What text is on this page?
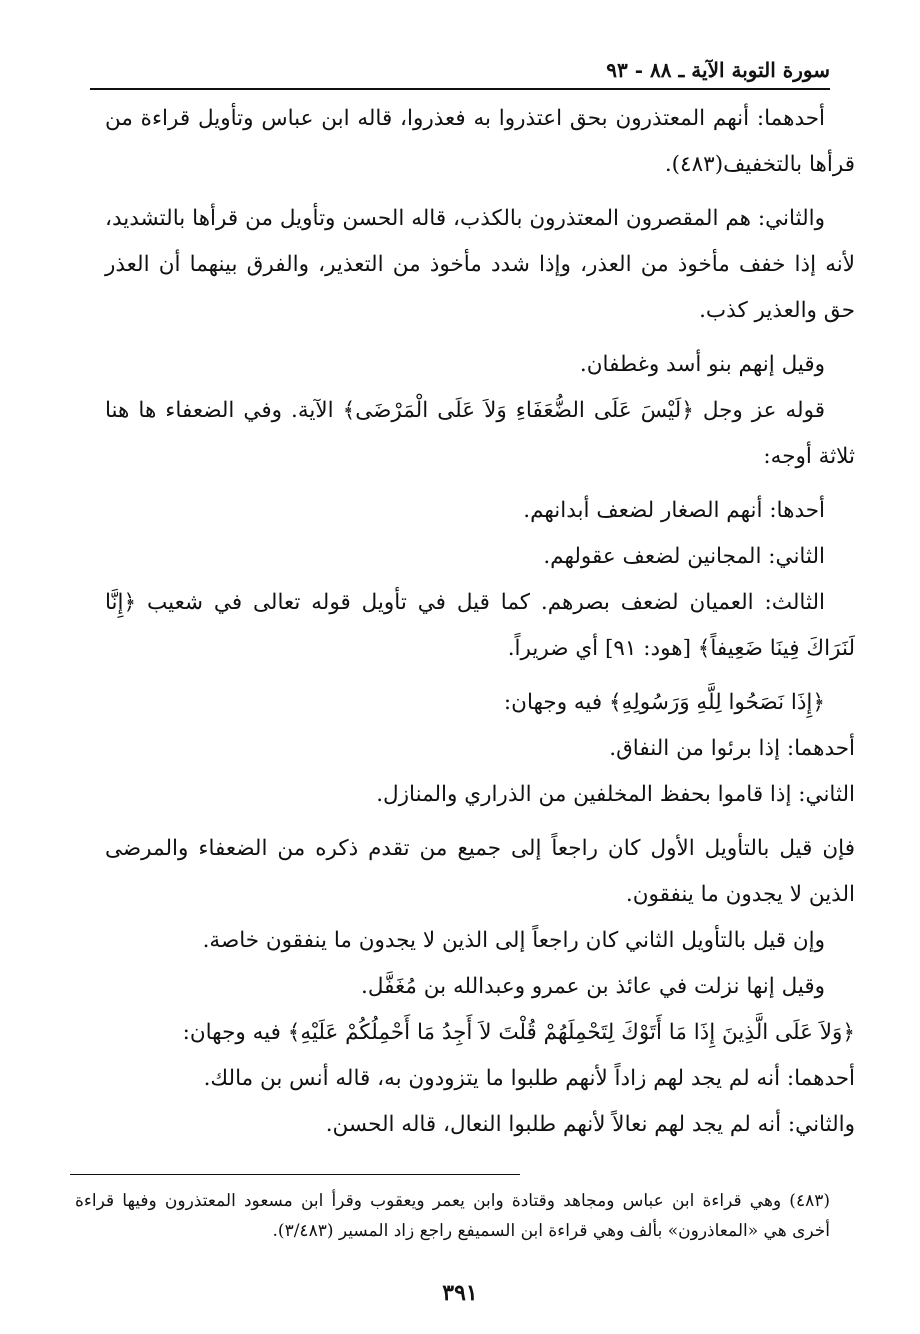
سورة التوبة الآية ـ ٨٨ - ٩٣

أحدهما: أنهم المعتذرون بحق اعتذروا به فعذروا، قاله ابن عباس وتأويل قراءة من قرأها بالتخفيف(٤٨٣).

والثاني: هم المقصرون المعتذرون بالكذب، قاله الحسن وتأويل من قرأها بالتشديد، لأنه إذا خفف مأخوذ من العذر، وإذا شدد مأخوذ من التعذير، والفرق بينهما أن العذر حق والعذير كذب.

وقيل إنهم بنو أسد وغطفان.

قوله عز وجل ﴿لَيْسَ عَلَى الضُّعَفَاءِ وَلاَ عَلَى الْمَرْضَى﴾ الآية. وفي الضعفاء ها هنا ثلاثة أوجه:

أحدها: أنهم الصغار لضعف أبدانهم.

الثاني: المجانين لضعف عقولهم.

الثالث: العميان لضعف بصرهم. كما قيل في تأويل قوله تعالى في شعيب ﴿إِنَّا لَنَرَاكَ فِينَا ضَعِيفاً﴾ [هود: ٩١] أي ضريراً.

﴿إِذَا نَصَحُوا لِلَّهِ وَرَسُولِهِ﴾ فيه وجهان:

أحدهما: إذا برئوا من النفاق.

الثاني: إذا قاموا بحفظ المخلفين من الذراري والمنازل.

فإن قيل بالتأويل الأول كان راجعاً إلى جميع من تقدم ذكره من الضعفاء والمرضى الذين لا يجدون ما ينفقون.

وإن قيل بالتأويل الثاني كان راجعاً إلى الذين لا يجدون ما ينفقون خاصة.

وقيل إنها نزلت في عائذ بن عمرو وعبدالله بن مُغَفَّل.

﴿وَلاَ عَلَى الَّذِينَ إِذَا مَا أَتَوْكَ لِتَحْمِلَهُمْ قُلْتَ لاَ أَجِدُ مَا أَحْمِلُكُمْ عَلَيْهِ﴾ فيه وجهان:

أحدهما: أنه لم يجد لهم زاداً لأنهم طلبوا ما يتزودون به، قاله أنس بن مالك.

والثاني: أنه لم يجد لهم نعالاً لأنهم طلبوا النعال، قاله الحسن.

(٤٨٣) وهي قراءة ابن عباس ومجاهد وقتادة وابن يعمر ويعقوب وقرأ ابن مسعود المعتذرون وفيها قراءة أخرى هي «المعاذرون» بألف وهي قراءة ابن السميفع راجع زاد المسير (٣/٤٨٣).

٣٩١
